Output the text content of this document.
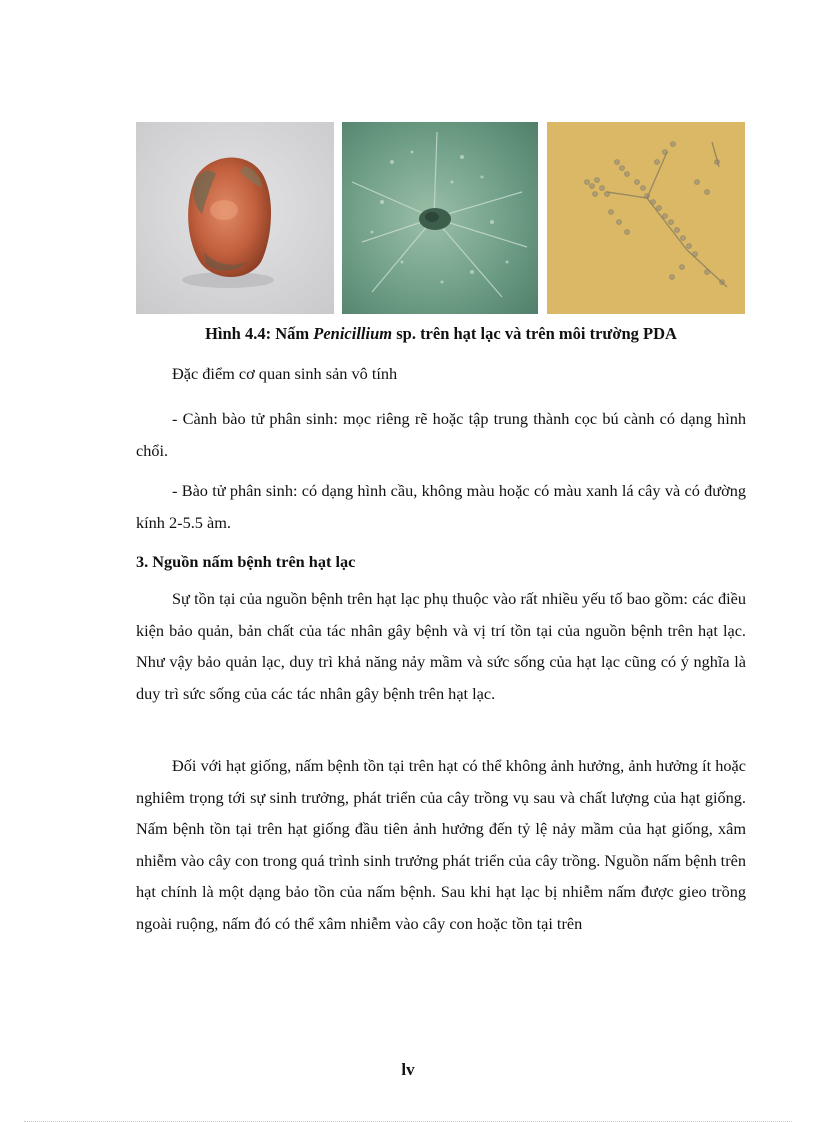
Hình 4.4: Nấm Penicillium sp. trên hạt lạc và trên môi trường PDA

Đặc điểm cơ quan sinh sản vô tính

- Cành bào tử phân sinh: mọc riêng rẽ hoặc tập trung thành cọc bú cành có dạng hình chổi.

- Bào tử phân sinh: có dạng hình cầu, không màu hoặc có màu xanh lá cây và có đường kính 2-5.5 àm.

3. Nguồn nấm bệnh trên hạt lạc

Sự tồn tại của nguồn bệnh trên hạt lạc phụ thuộc vào rất nhiều yếu tố bao gồm: các điều kiện bảo quản, bản chất của tác nhân gây bệnh và vị trí tồn tại của nguồn bệnh trên hạt lạc. Như vậy bảo quản lạc, duy trì khả năng nảy mầm và sức sống của hạt lạc cũng có ý nghĩa là duy trì sức sống của các tác nhân gây bệnh trên hạt lạc.

Đối với hạt giống, nấm bệnh tồn tại trên hạt có thể không ảnh hưởng, ảnh hưởng ít hoặc nghiêm trọng tới sự sinh trưởng, phát triển của cây trồng vụ sau và chất lượng của hạt giống. Nấm bệnh tồn tại trên hạt giống đầu tiên ảnh hưởng đến tỷ lệ nảy mầm của hạt giống, xâm nhiễm vào cây con trong quá trình sinh trưởng phát triển của cây trồng. Nguồn nấm bệnh trên hạt chính là một dạng bảo tồn của nấm bệnh. Sau khi hạt lạc bị nhiễm nấm được gieo trồng ngoài ruộng, nấm đó có thể xâm nhiễm vào cây con hoặc tồn tại trên

lv
